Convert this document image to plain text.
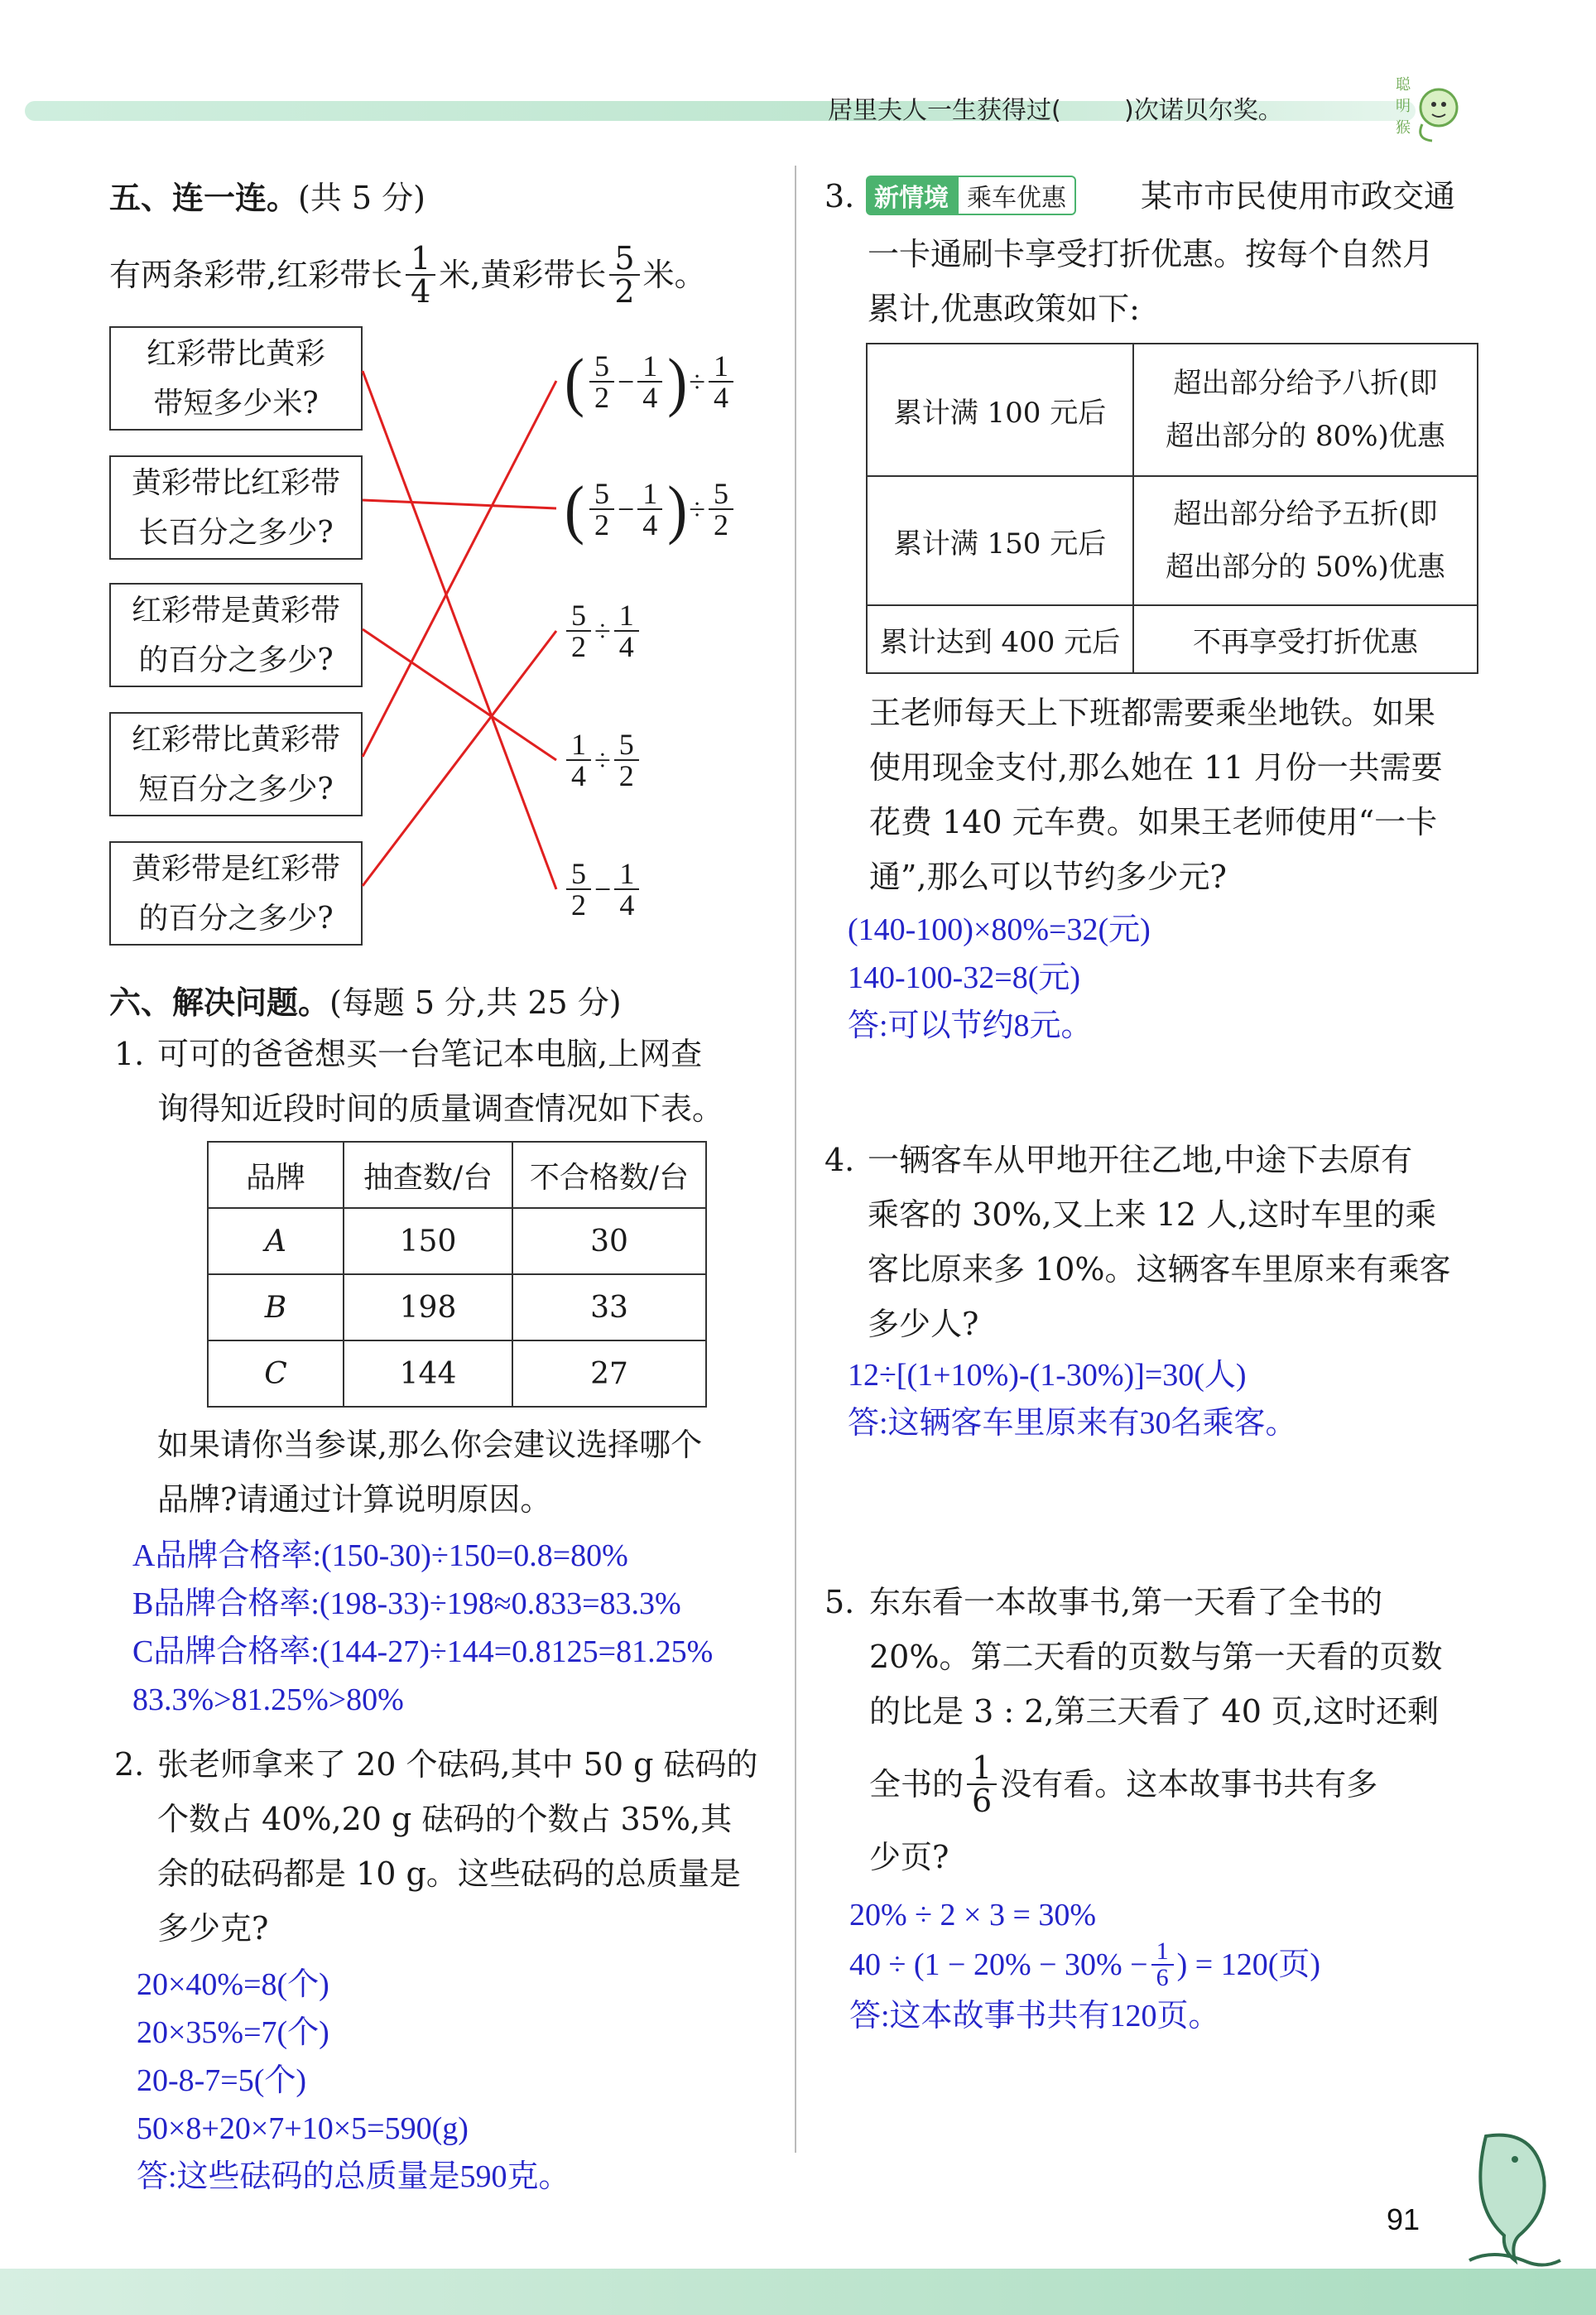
居里夫人一生获得过(        )次诺贝尔奖。
聪
明
猴
五、连一连。(共 5 分)
有两条彩带,红彩带长 $\frac{1}{4}$ 米,黄彩带长 $\frac{5}{2}$ 米。
红彩带比黄彩
带短多少米?
黄彩带比红彩带
长百分之多少?
红彩带是黄彩带
的百分之多少?
红彩带比黄彩带
短百分之多少?
黄彩带是红彩带
的百分之多少?
( $\frac{5}{2} - \frac{1}{4}$ ) ÷ $\frac{1}{4}$
( $\frac{5}{2} - \frac{1}{4}$ ) ÷ $\frac{5}{2}$
$\frac{5}{2} \div \frac{1}{4}$
$\frac{1}{4} \div \frac{5}{2}$
$\frac{5}{2} - \frac{1}{4}$
六、解决问题。(每题 5 分,共 25 分)
1. 可可的爸爸想买一台笔记本电脑,上网查
询得知近段时间的质量调查情况如下表。
品牌	抽查数/台	不合格数/台
A	150	30
B	198	33
C	144	27
如果请你当参谋,那么你会建议选择哪个
品牌?请通过计算说明原因。
A品牌合格率:(150-30)÷150=0.8=80%
B品牌合格率:(198-33)÷198≈0.833=83.3%
C品牌合格率:(144-27)÷144=0.8125=81.25%
83.3%>81.25%>80%
2. 张老师拿来了 20 个砝码,其中 50 g 砝码的
个数占 40%,20 g 砝码的个数占 35%,其
余的砝码都是 10 g。这些砝码的总质量是
多少克?
20×40%=8(个)
20×35%=7(个)
20-8-7=5(个)
50×8+20×7+10×5=590(g)
答:这些砝码的总质量是590克。
3. 新情境 乘车优惠	某市市民使用市政交通
一卡通刷卡享受打折优惠。按每个自然月
累计,优惠政策如下:
累计满 100 元后	超出部分给予八折(即
超出部分的 80%)优惠

累计满 150 元后	超出部分给予五折(即
超出部分的 50%)优惠

累计达到 400 元后	不再享受打折优惠
王老师每天上下班都需要乘坐地铁。如果
使用现金支付,那么她在 11 月份一共需要
花费 140 元车费。如果王老师使用“一卡
通”,那么可以节约多少元?
(140-100)×80%=32(元)
140-100-32=8(元)
答:可以节约8元。
4. 一辆客车从甲地开往乙地,中途下去原有
乘客的 30%,又上来 12 人,这时车里的乘
客比原来多 10%。这辆客车里原来有乘客
多少人?
12÷[(1+10%)-(1-30%)]=30(人)
答:这辆客车里原来有30名乘客。
5. 东东看一本故事书,第一天看了全书的
20%。第二天看的页数与第一天看的页数
的比是 3 : 2,第三天看了 40 页,这时还剩
全书的 $\frac{1}{6}$ 没有看。这本故事书共有多
少页?
20% ÷ 2 × 3 = 30%
$40 \div (1 - 20\% - 30\% - \frac{1}{6}$ ) = 120(页)
答:这本故事书共有120页。
91
